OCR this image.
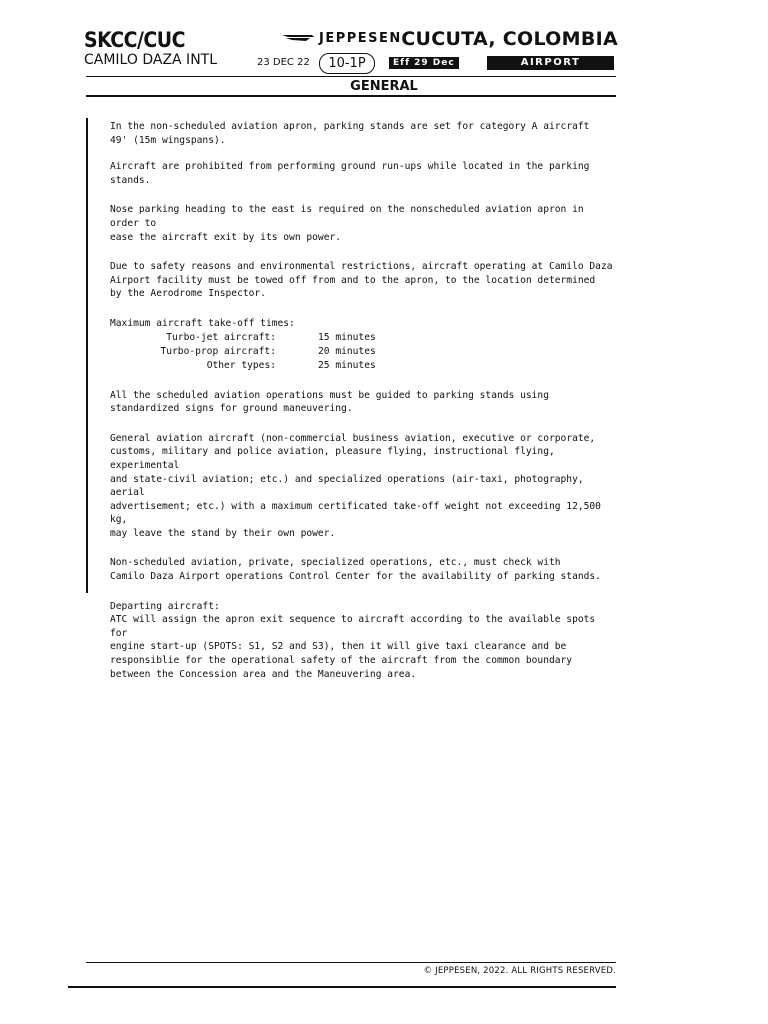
SKCC/CUC
CAMILO DAZA INTL
JEPPESEN CUCUTA, COLOMBIA
23 DEC 22	10-1P	Eff 29 Dec	AIRPORT
GENERAL

In the non-scheduled aviation apron, parking stands are set for category A aircraft
49' (15m wingspans).

Aircraft are prohibited from performing ground run-ups while located in the parking stands.

Nose parking heading to the east is required on the nonscheduled aviation apron in order to
ease the aircraft exit by its own power.

Due to safety reasons and environmental restrictions, aircraft operating at Camilo Daza
Airport facility must be towed off from and to the apron, to the location determined
by the Aerodrome Inspector.

Maximum aircraft take-off times:

Turbo-jet aircraft:	15 minutes
Turbo-prop aircraft:	20 minutes
Other types:	25 minutes

All the scheduled aviation operations must be guided to parking stands using
standardized signs for ground maneuvering.

General aviation aircraft (non-commercial business aviation, executive or corporate,
customs, military and police aviation, pleasure flying, instructional flying, experimental
and state-civil aviation; etc.) and specialized operations (air-taxi, photography, aerial
advertisement; etc.) with a maximum certificated take-off weight not exceeding 12,500 kg,
may leave the stand by their own power.

Non-scheduled aviation, private, specialized operations, etc., must check with
Camilo Daza Airport operations Control Center for the availability of parking stands.

Departing aircraft:
ATC will assign the apron exit sequence to aircraft according to the available spots for
engine start-up (SPOTS: S1, S2 and S3), then it will give taxi clearance and be
responsiblie for the operational safety of the aircraft from the common boundary
between the Concession area and the Maneuvering area.

© JEPPESEN, 2022. ALL RIGHTS RESERVED.
